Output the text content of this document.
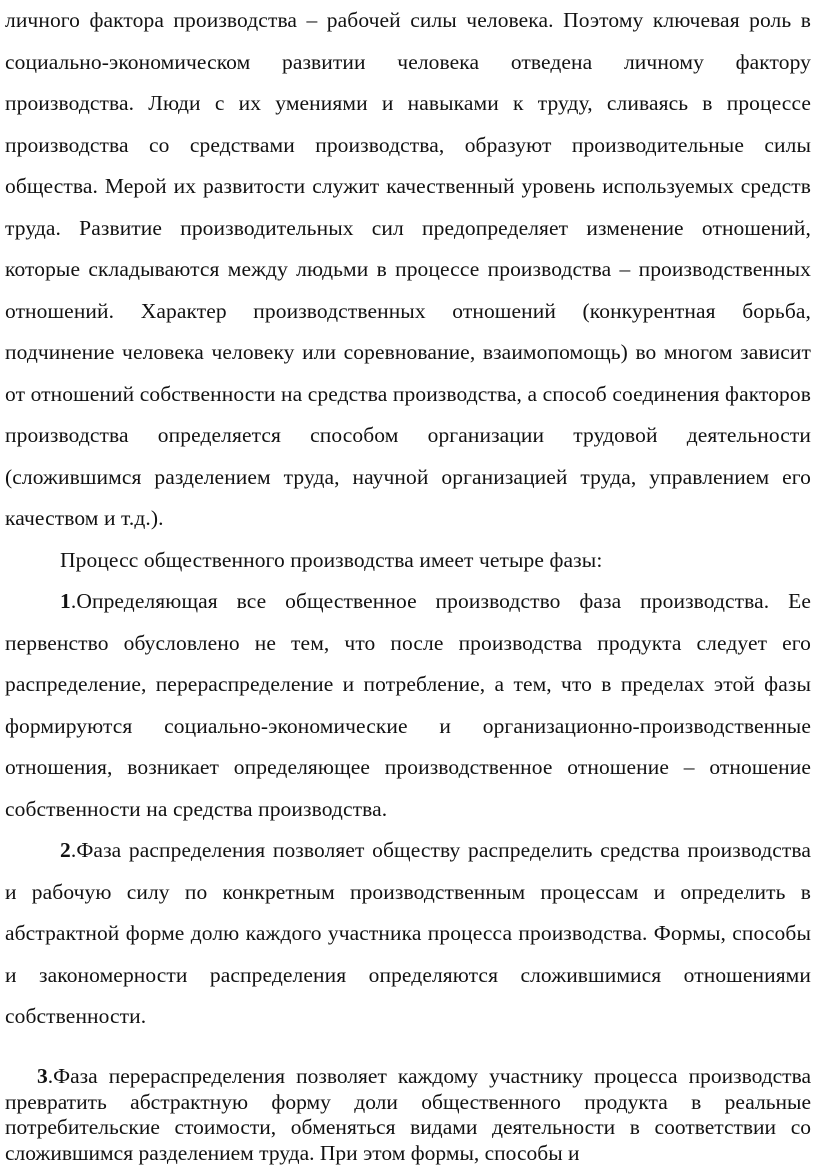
личного фактора производства – рабочей силы человека. Поэтому ключевая роль в социально-экономическом развитии человека отведена личному фактору производства. Люди с их умениями и навыками к труду, сливаясь в процессе производства со средствами производства, образуют производительные силы общества. Мерой их развитости служит качественный уровень используемых средств труда. Развитие производительных сил предопределяет изменение отношений, которые складываются между людьми в процессе производства – производственных отношений. Характер производственных отношений (конкурентная борьба, подчинение человека человеку или соревнование, взаимопомощь) во многом зависит от отношений собственности на средства производства, а способ соединения факторов производства определяется способом организации трудовой деятельности (сложившимся разделением труда, научной организацией труда, управлением его качеством и т.д.).

Процесс общественного производства имеет четыре фазы:

1.Определяющая все общественное производство фаза производства. Ее первенство обусловлено не тем, что после производства продукта следует его распределение, перераспределение и потребление, а тем, что в пределах этой фазы формируются социально-экономические и организационно-производственные отношения, возникает определяющее производственное отношение – отношение собственности на средства производства.

2.Фаза распределения позволяет обществу распределить средства производства и рабочую силу по конкретным производственным процессам и определить в абстрактной форме долю каждого участника процесса производства. Формы, способы и закономерности распределения определяются сложившимися отношениями собственности.

3.Фаза перераспределения позволяет каждому участнику процесса производства превратить абстрактную форму доли общественного продукта в реальные потребительские стоимости, обменяться видами деятельности в соответствии со сложившимся разделением труда. При этом формы, способы и
